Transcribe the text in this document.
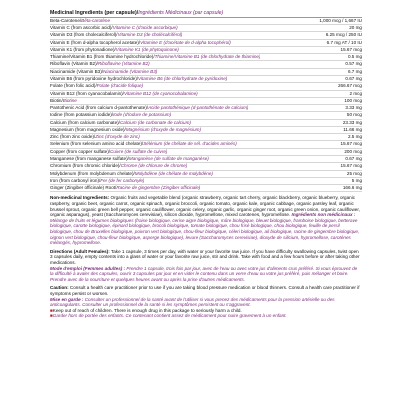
Medicinal Ingredients (per capsule)/Ingrédients Médicinaux (par capsule)
Beta-Carotene/Bêta-carotène	1,000 mcg / 1,667 IU
Vitamin C (from ascorbic acid)/Vitamine C (d'acide ascorbique)	20 mg
Vitamin D3 (from cholecalciferol)/Vitamine D3 (de cholécalciférol)	6.25 mcg / 250 IU
Vitamin E (from d-alpha tocopherol acetate)/Vitamine E (d'acétate de d-alpha tocophérol)	6.7 mg AT / 10 IU
Vitamin K1 (from phytonadione)/Vitamine K1 (de phytoquinone)	15.67 mcg
Thiamine/Vitamin B1 (from thiamine hydrochloride)/Thiamine/Vitamine B1 (de chlorhydrate de thiamine)	0.5 mg
Riboflavin (Vitamin B2)/Riboflavine (Vitamine B2)	0.57 mg
Niacinamide (Vitamin B3)/Niacinamide (Vitamine B3)	6.7 mg
Vitamin B6 (from pyridoxine hydrochloride)/Vitamine B6 (de chlorhydrate de pyridoxine)	0.67 mg
Folate (from folic acid)/Folate (d'acide folique)	266.67 mcg
Vitamin B12 (from cyanocobalamin)/Vitamine B12 (de cyanocobalamine)	2 mcg
Biotin/Biotine	100 mcg
Pantothenic Acid (from calcium d-pantothenate)/Acide pantothénique (d-pantothénate de calcium)	3.33 mg
Iodine (from potassium iodide)/Iode (d'iodure de potassium)	50 mcg
Calcium (from calcium carbonate)/Calcium (de carbonate de calcium)	23.33 mg
Magnesium (from magnesium oxide)/Magnésium (d'oxyde de magnésium)	11.66 mg
Zinc (from zinc oxide)/Zinc (d'oxyde de zinc)	2.5 mg
Selenium (from selenium amino acid chelate)/Sélénium (de chélate de sél. d'acides aminés)	15.67 mcg
Copper (from copper sulfate)/Cuivre (de sulfate de cuivre)	200 mcg
Manganese (from manganese sulfate)/Manganèse (de sulfate de manganèse)	0.67 mg
Chromium (from chromic chloride)/Chrome (de chlorure de chrome)	15.67 mcg
Molybdenum (from molybdenum chelate)/Molybdène (de chélate de molybdène)	25 mcg
Iron (from carbonyl iron)/Fer (de fer carbonyle)	5 mg
Ginger (Zingiber officinale) Root/Racine de gingembre (Zingiber officinale)	166.6 mg
Non-medicinal Ingredients: Organic fruits and vegetable blend (organic strawberry, organic tart cherry, organic blackberry, organic blueberry, organic raspberry, organic beet, organic carrot, organic spinach, organic broccoli, organic tomato, organic kale, organic cabbage, organic parsley leaf, organic brussel sprout, organic green bell pepper, organic cauliflower, organic celery, organic garlic, organic ginger root, organic green onion, organic cauliflower, organic asparagus), yeast (Saccharomyces cerevisiae), silicon dioxide, hypromellose, mixed carotenes, hypromellose. Ingrédients non médicinaux : Mélange de fruits et légumes biologiques (fraise biologique, cerise aigre biologique, mûre biologique, bleuet biologique, framboise biologique, betterave biologique, carotte biologique, épinard biologique, brocoli biologique, tomate biologique, chou frisé biologique, chou biologique, feuille de persil biologique, chou de Bruxelles biologique, poivron vert biologique, chou-fleur biologique, céleri biologique, ail biologique, racine de gingembre biologique, oignon vert biologique, chou-fleur biologique, asperge biologique), levure (Saccharomyces cerevisiae), dioxyde de silicium, hypromellose, caroténes mélangés, hypromellose.
Directions (Adult Females): Take 1 capsule, 3 times per day, with water or your favorite raw juice. If you have difficulty swallowing capsules, twist open 3 capsules daily, empty contents into a glass of water or your favorite raw juice, stir and drink. Take with food and a few hours before or after taking other medications.
Mode d'emploi (Femmes adultes) : Prendre 1 capsule, trois fois par jour, avec de l'eau ou avec votre jus d'aliments crus préféré. Si vous éprouvez de la difficulté à avaler des capsules, ouvrir 3 capsules par jour et en vider le contenu dans un verre d'eau ou votre jus préféré, puis mélanger et boire. Prendre avec de la nourriture et quelques heures avant ou après la prise d'autres médicaments.
Caution: Consult a health care practitioner prior to use if you are taking blood pressure medication or blood thinners. Consult a health care practitioner if symptoms persist or worsen.
Mise en garde : Consulter un professionnel de la santé avant de l'utiliser si vous prenez des médicaments pour la pression artérielle ou des anticoagulants. Consulter un professionnel de la santé si les symptômes persistent ou s'aggravent.
■Keep out of reach of children. There is enough drug in this package to seriously harm a child.
■Garder hors de portée des enfants. Ce contenant contient assez de médicament pour nuire gravement à un enfant.
